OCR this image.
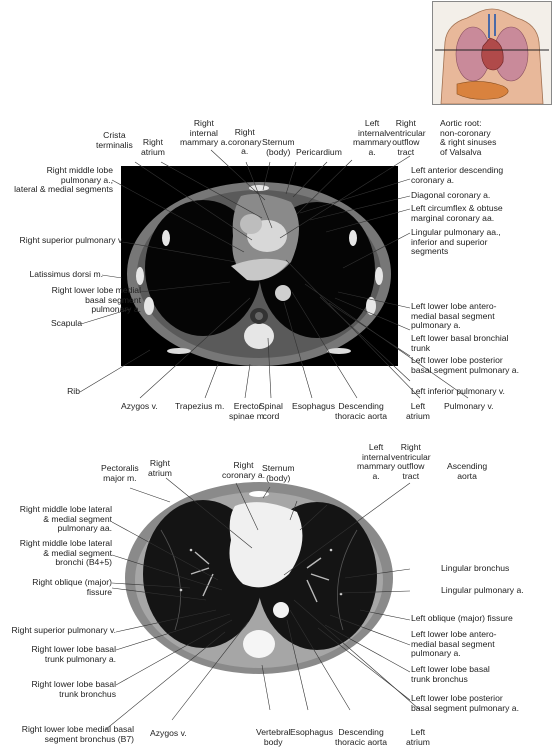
Crista
terminalis Right
atrium

Right
internal
mammary a.

Right
coronary
a.

Sternum
(body) Pericardium

Left
internal
mammary
a.

Right
ventricular
outflow
tract

Aortic root:
non-coronary
& right sinuses
of Valsalva

Right middle lobe
pulmonary a.,
lateral & medial segments

Left anterior descending
coronary a.

Diagonal coronary a.

Left circumflex & obtuse
marginal coronary aa.

Right superior pulmonary v.

Lingular pulmonary aa.,
inferior and superior
segments

Latissimus dorsi m.

Right lower lobe medial
basal segment
pulmonary a.

Scapula

Left lower lobe antero-
medial basal segment
pulmonary a.

Left lower basal bronchial
trunk

Left lower lobe posterior
basal segment pulmonary a.

Rib	Left inferior pulmonary v.

Azygos v. Trapezius m.	Erector
spinae m.

Spinal
cord

Esophagus Descending
thoracic aorta

Left
atrium

Pulmonary v.

Pectoralis
major m.

Right
atrium

Right
coronary a.

Sternum
(body)

Left
internal
mammary
a.

Right
ventricular
outflow
tract

Ascending
aorta

Right middle lobe lateral
& medial segment
pulmonary aa.

Right middle lobe lateral
& medial segment
bronchi (B4+5)

Lingular bronchus

Right oblique (major)
fissure	Lingular pulmonary a.

Left oblique (major) fissure

Right superior pulmonary v.	Left lower lobe antero-
medial basal segment
pulmonary a.

Right lower lobe basal
trunk pulmonary a.

Left lower lobe basal
trunk bronchus

Right lower lobe basal
trunk bronchus	Left lower lobe posterior
basal segment pulmonary a.

Right lower lobe medial basal
segment bronchus (B7)

Azygos v.	Vertebral
body

Esophagus Descending
thoracic aorta

Left
atrium
